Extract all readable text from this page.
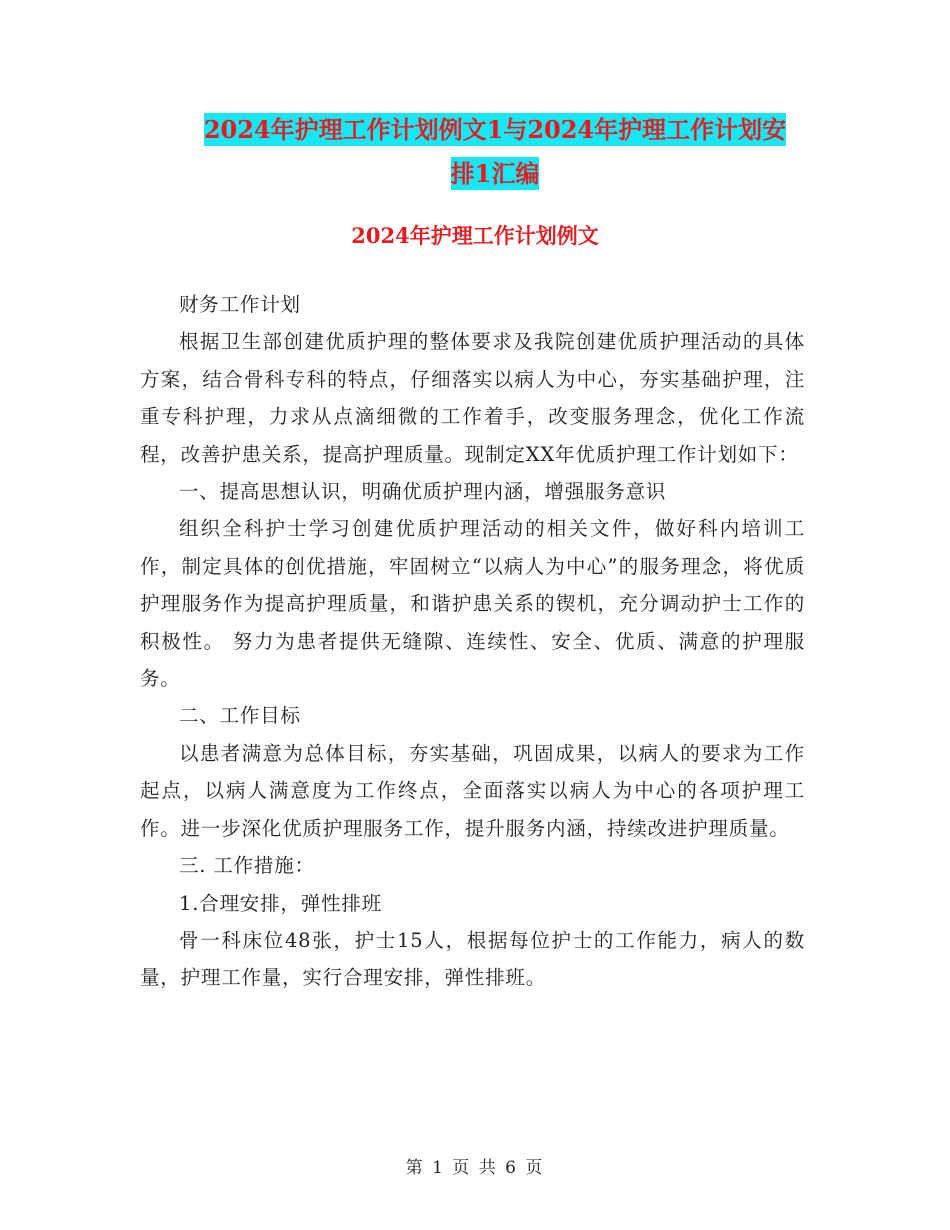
2024年护理工作计划例文1与2024年护理工作计划安
排1汇编
2024年护理工作计划例文

财务工作计划

根据卫生部创建优质护理的整体要求及我院创建优质护理活动的具体方案，结合骨科专科的特点，仔细落实以病人为中心，夯实基础护理，注重专科护理，力求从点滴细微的工作着手，改变服务理念，优化工作流程，改善护患关系，提高护理质量。现制定XX年优质护理工作计划如下：

一、提高思想认识，明确优质护理内涵，增强服务意识

组织全科护士学习创建优质护理活动的相关文件，做好科内培训工作，制定具体的创优措施，牢固树立“以病人为中心”的服务理念，将优质护理服务作为提高护理质量，和谐护患关系的锲机，充分调动护士工作的积极性。 努力为患者提供无缝隙、连续性、安全、优质、满意的护理服务。

二、工作目标

以患者满意为总体目标，夯实基础，巩固成果，以病人的要求为工作起点，以病人满意度为工作终点，全面落实以病人为中心的各项护理工作。进一步深化优质护理服务工作，提升服务内涵，持续改进护理质量。

三. 工作措施：

1.合理安排，弹性排班

骨一科床位48张，护士15人，根据每位护士的工作能力，病人的数量，护理工作量，实行合理安排，弹性排班。

第 1 页 共 6 页
